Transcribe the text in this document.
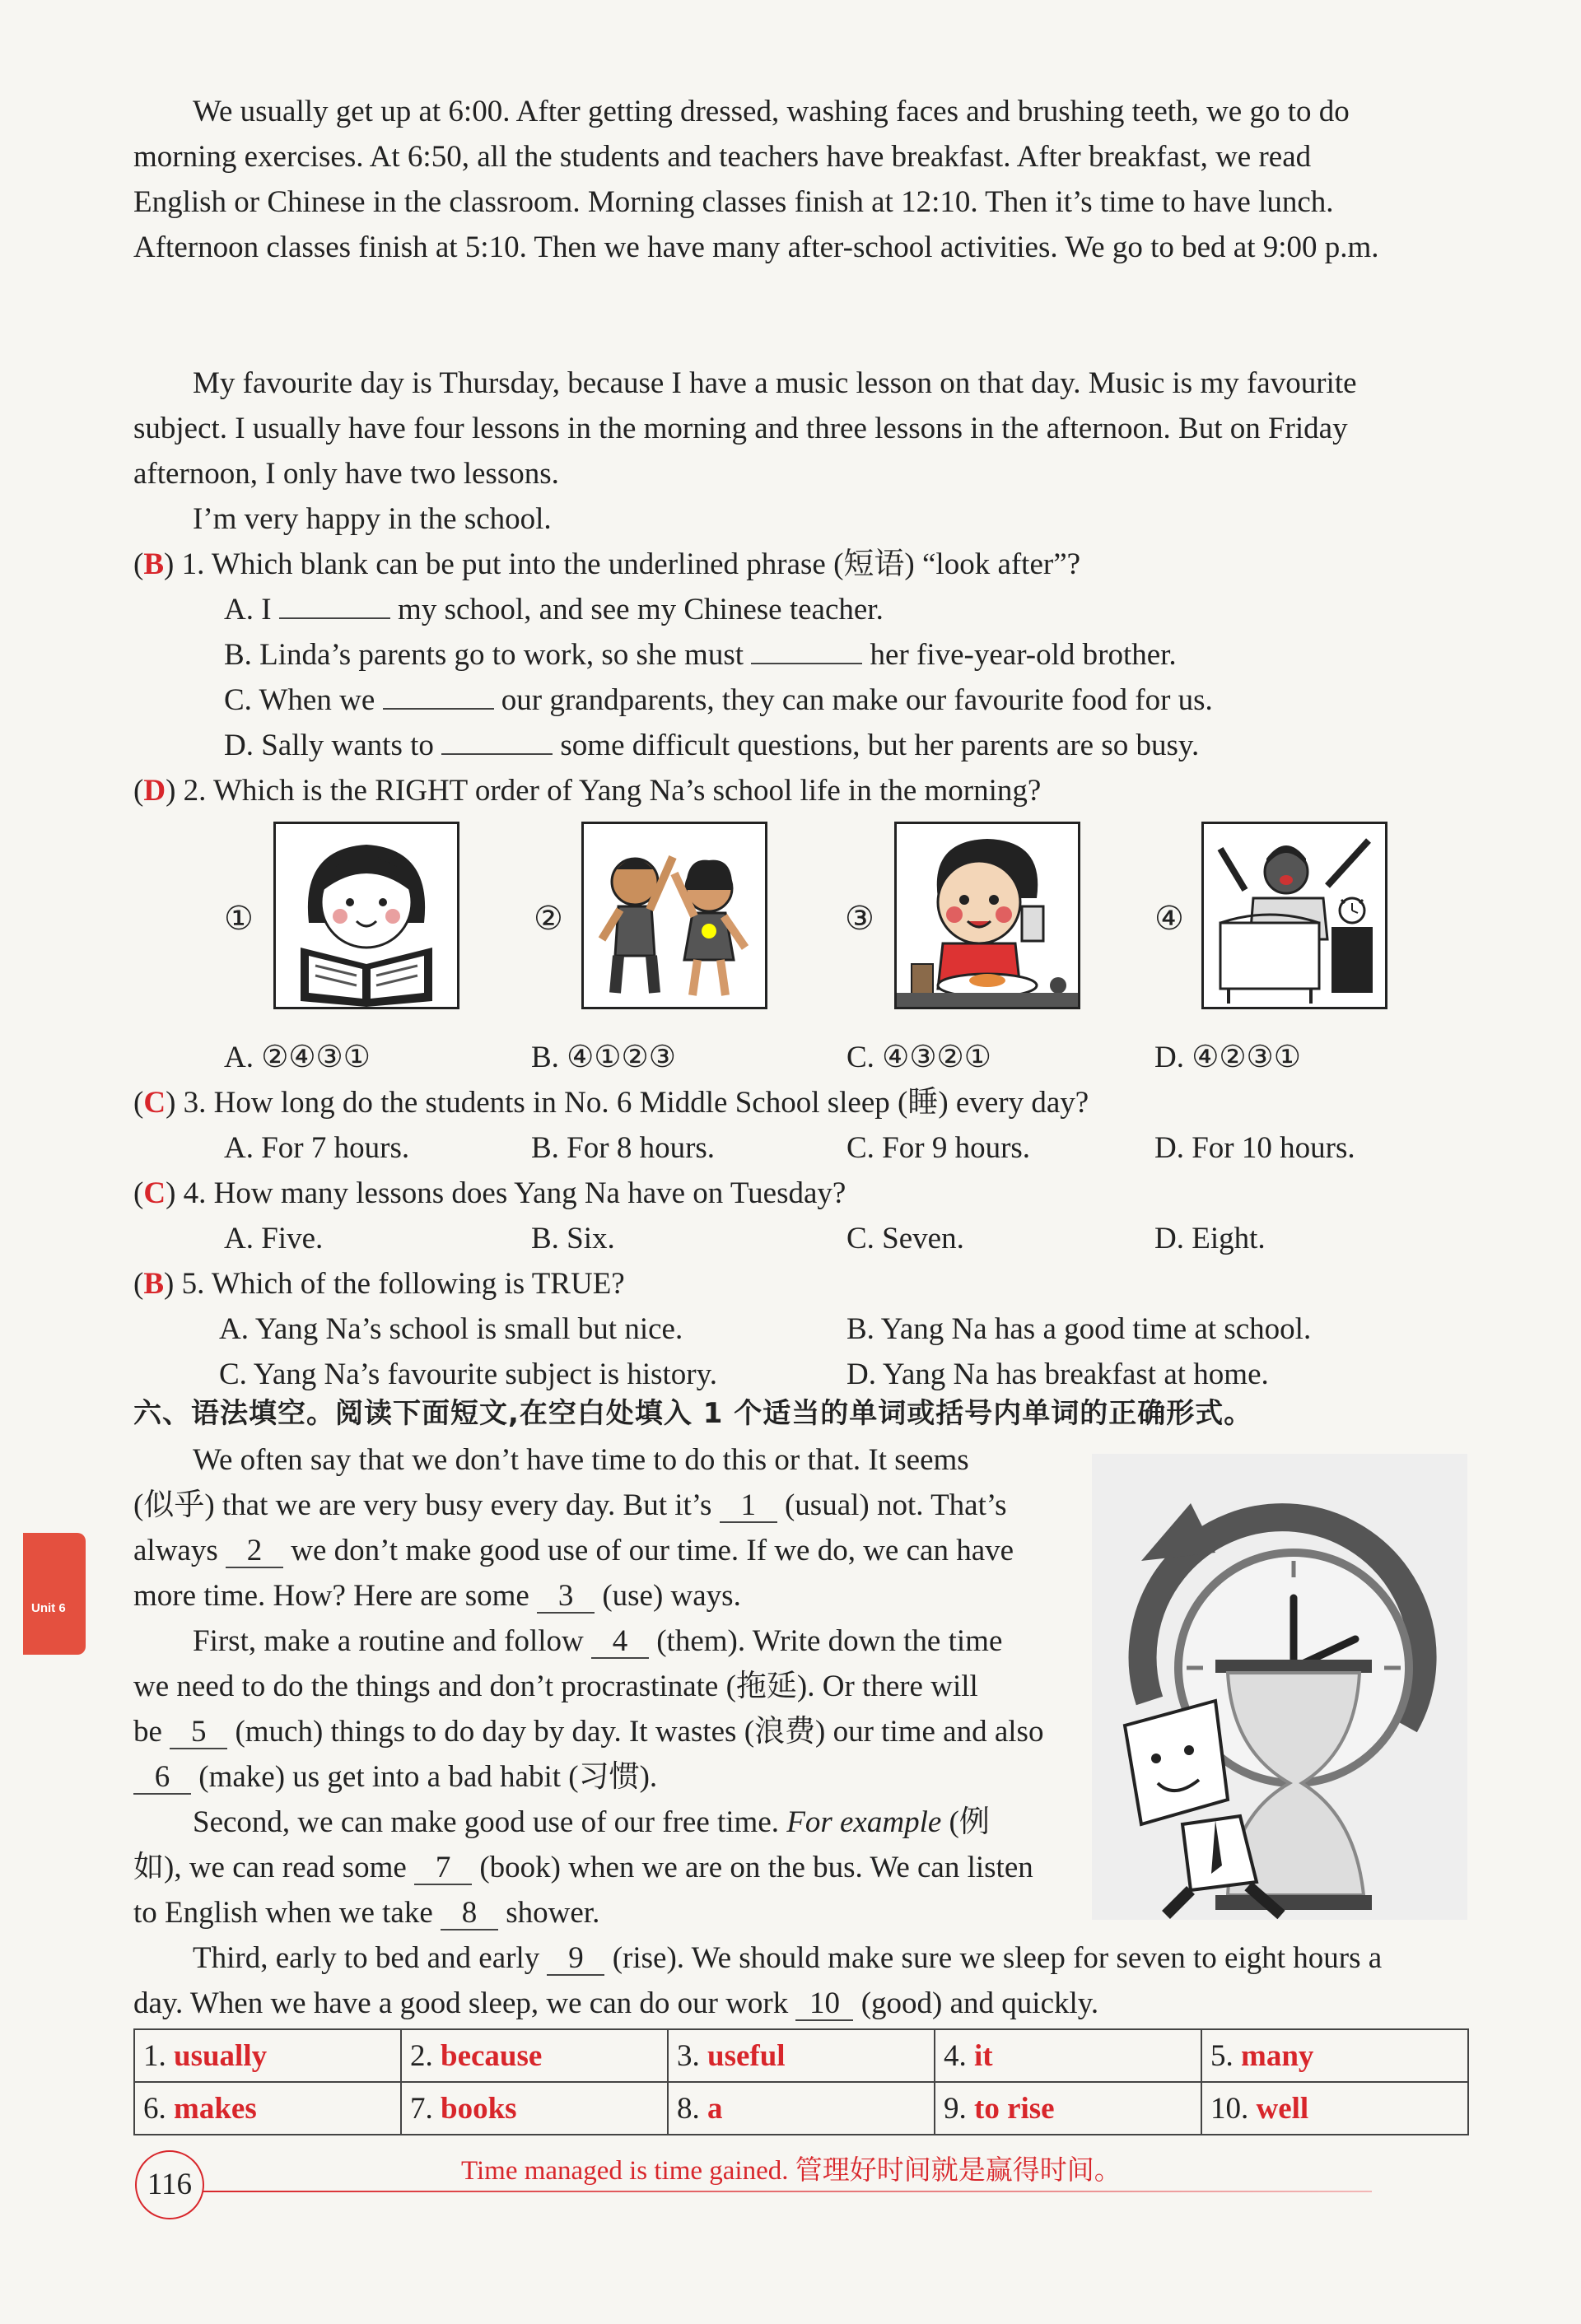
We usually get up at 6:00. After getting dressed, washing faces and brushing teeth, we go to do

morning exercises. At 6:50, all the students and teachers have breakfast. After breakfast, we read

English or Chinese in the classroom. Morning classes finish at 12:10. Then it’s time to have lunch.

Afternoon classes finish at 5:10. Then we have many after-school activities. We go to bed at 9:00 p.m.

My favourite day is Thursday, because I have a music lesson on that day. Music is my favourite

subject. I usually have four lessons in the morning and three lessons in the afternoon. But on Friday

afternoon, I only have two lessons.

I’m very happy in the school.

(B) 1. Which blank can be put into the underlined phrase (短语) “look after”?
A. I	my school, and see my Chinese teacher.
B. Linda’s parents go to work, so she must	her five-year-old brother.
C. When we	our grandparents, they can make our favourite food for us.
D. Sally wants to	some difficult questions, but her parents are so busy.
(D) 2. Which is the RIGHT order of Yang Na’s school life in the morning?
①	②	③	④
A. ②④③①	B. ④①②③	C. ④③②①	D. ④②③①
(C) 3. How long do the students in No. 6 Middle School sleep (睡) every day?
A. For 7 hours.	B. For 8 hours.	C. For 9 hours.	D. For 10 hours.
(C) 4. How many lessons does Yang Na have on Tuesday?
A. Five.	B. Six.	C. Seven.	D. Eight.
(B) 5. Which of the following is TRUE?
A. Yang Na’s school is small but nice.	B. Yang Na has a good time at school.
C. Yang Na’s favourite subject is history.	D. Yang Na has breakfast at home.
六、语法填空。阅读下面短文,在空白处填入 1 个适当的单词或括号内单词的正确形式。
Unit 6
We often say that we don’t have time to do this or that. It seems
(似乎) that we are very busy every day. But it’s 1 (usual) not. That’s
always 2 we don’t make good use of our time. If we do, we can have
more time. How? Here are some 3 (use) ways.
First, make a routine and follow 4 (them). Write down the time
we need to do the things and don’t procrastinate (拖延). Or there will
be 5 (much) things to do day by day. It wastes (浪费) our time and also
6 (make) us get into a bad habit (习惯).
Second, we can make good use of our free time. For example (例
如), we can read some 7 (book) when we are on the bus. We can listen
to English when we take 8 shower.
Third, early to bed and early 9 (rise). We should make sure we sleep for seven to eight hours a
day. When we have a good sleep, we can do our work 10 (good) and quickly.
1. usually	2. because	3. useful	4. it	5. many
6. makes	7. books	8. a	9. to rise	10. well
116	Time managed is time gained. 管理好时间就是赢得时间。
